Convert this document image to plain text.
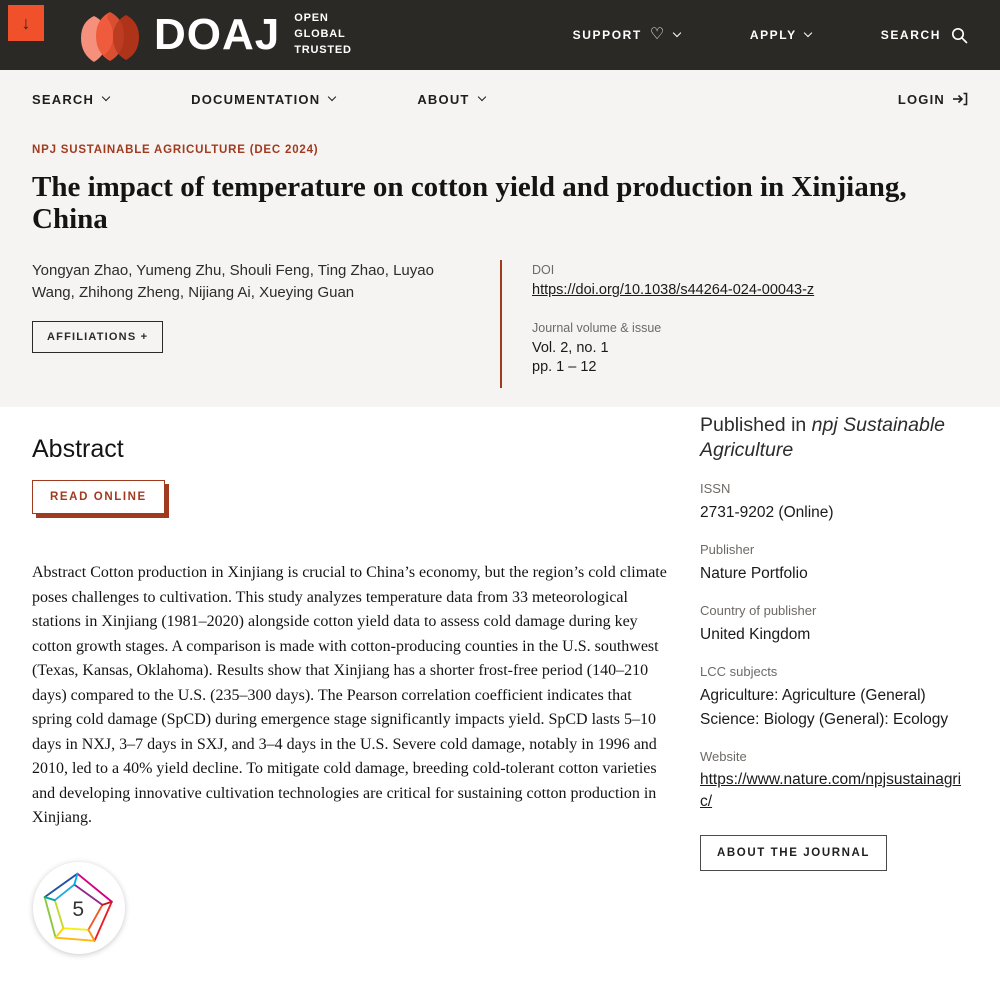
↓	DOAJ OPEN
GLOBAL
TRUSTED
SUPPORT ♡	APPLY	SEARCH
SEARCH	DOCUMENTATION	ABOUT	LOGIN
NPJ SUSTAINABLE AGRICULTURE (DEC 2024)
The impact of temperature on cotton yield and production in Xinjiang, China
Yongyan Zhao, Yumeng Zhu, Shouli Feng, Ting Zhao, Luyao Wang, Zhihong Zheng, Nijiang Ai, Xueying Guan
AFFILIATIONS +
DOI
https://doi.org/10.1038/s44264-024-00043-z
Journal volume & issue
Vol. 2, no. 1
pp. 1 – 12
Abstract
READ ONLINE

Abstract Cotton production in Xinjiang is crucial to China’s economy, but the region’s cold climate poses challenges to cultivation. This study analyzes temperature data from 33 meteorological stations in Xinjiang (1981–2020) alongside cotton yield data to assess cold damage during key cotton growth stages. A comparison is made with cotton-producing counties in the U.S. southwest (Texas, Kansas, Oklahoma). Results show that Xinjiang has a shorter frost-free period (140–210 days) compared to the U.S. (235–300 days). The Pearson correlation coefficient indicates that spring cold damage (SpCD) during emergence stage significantly impacts yield. SpCD lasts 5–10 days in NXJ, 3–7 days in SXJ, and 3–4 days in the U.S. Severe cold damage, notably in 1996 and 2010, led to a 40% yield decline. To mitigate cold damage, breeding cold-tolerant cotton varieties and developing innovative cultivation technologies are critical for sustaining cotton production in Xinjiang.

5
Published in npj Sustainable Agriculture
ISSN
2731-9202 (Online)
Publisher
Nature Portfolio
Country of publisher
United Kingdom
LCC subjects
Agriculture: Agriculture (General)
Science: Biology (General): Ecology
Website
https://www.nature.com/npjsustainagric/
ABOUT THE JOURNAL
